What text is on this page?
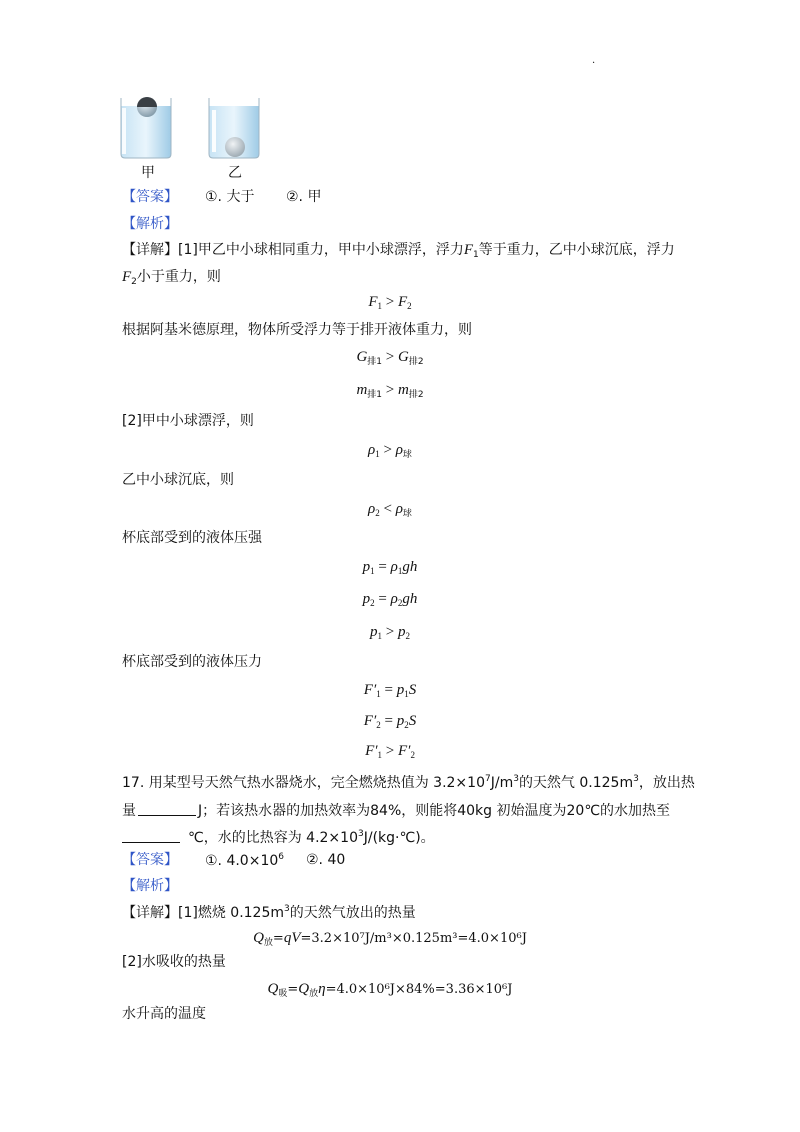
.
甲	乙
【答案】 ①. 大于 ②. 甲
【解析】
【详解】[1]甲乙中小球相同重力，甲中小球漂浮，浮力$F_1$等于重力，乙中小球沉底，浮力
$F_2$小于重力，则
$F_1 > F_2$
根据阿基米德原理，物体所受浮力等于排开液体重力，则
$G_{排1} > G_{排2}$
$m_{排1} > m_{排2}$
[2]甲中小球漂浮，则
$\rho_1 > \rho_球$
乙中小球沉底，则
$\rho_2 < \rho_球$
杯底部受到的液体压强
$p_1 = \rho_1gh$
$p_2 = \rho_2gh$
$p_1 > p_2$
杯底部受到的液体压力
$F'_1 = p_1S$
$F'_2 = p_2S$
$F'_1 > F'_2$
17. 用某型号天然气热水器烧水，完全燃烧热值为 $3.2\times 10^7J/m^3$的天然气 $0.125m^3$，放出热
量	J；若该热水器的加热效率为84%，则能将40kg 初始温度为20℃的水加热至
℃，水的比热容为 $4.2\times 10^3J/(kg\cdot℃)$。
【答案】 ①. $4.0\times 10^6$ ②. 40
【解析】
【详解】[1]燃烧 $0.125m^3$的天然气放出的热量
$Q_放=qV=3.2\times 10^7J/m^3\times 0.125m^3=4.0\times 10^6J$
[2]水吸收的热量
$Q_吸=Q_放\eta=4.0\times 10^6J\times 84\%=3.36\times 10^6J$
水升高的温度
